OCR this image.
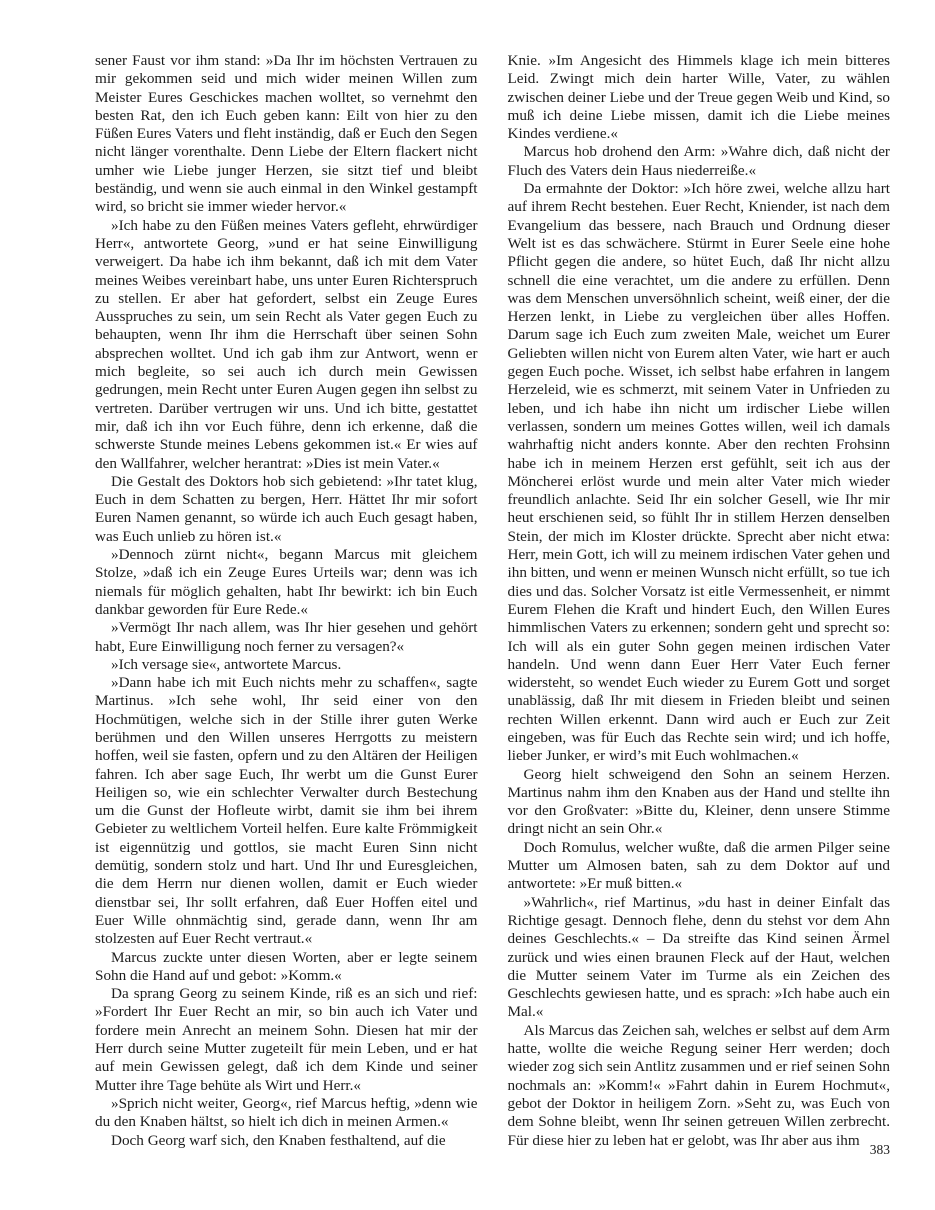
sener Faust vor ihm stand: »Da Ihr im höchsten Vertrauen zu mir gekommen seid und mich wider meinen Willen zum Meister Eures Geschickes machen wolltet, so vernehmt den besten Rat, den ich Euch geben kann: Eilt von hier zu den Füßen Eures Vaters und fleht inständig, daß er Euch den Segen nicht länger vorenthalte. Denn Liebe der Eltern flackert nicht umher wie Liebe junger Herzen, sie sitzt tief und bleibt beständig, und wenn sie auch einmal in den Winkel gestampft wird, so bricht sie immer wieder hervor.«

»Ich habe zu den Füßen meines Vaters gefleht, ehrwürdiger Herr«, antwortete Georg, »und er hat seine Einwilligung verweigert. Da habe ich ihm bekannt, daß ich mit dem Vater meines Weibes vereinbart habe, uns unter Euren Richterspruch zu stellen. Er aber hat gefordert, selbst ein Zeuge Eures Ausspruches zu sein, um sein Recht als Vater gegen Euch zu behaupten, wenn Ihr ihm die Herrschaft über seinen Sohn absprechen wolltet. Und ich gab ihm zur Antwort, wenn er mich begleite, so sei auch ich durch mein Gewissen gedrungen, mein Recht unter Euren Augen gegen ihn selbst zu vertreten. Darüber vertrugen wir uns. Und ich bitte, gestattet mir, daß ich ihn vor Euch führe, denn ich erkenne, daß die schwerste Stunde meines Lebens gekommen ist.« Er wies auf den Wallfahrer, welcher herantrat: »Dies ist mein Vater.«

Die Gestalt des Doktors hob sich gebietend: »Ihr tatet klug, Euch in dem Schatten zu bergen, Herr. Hättet Ihr mir sofort Euren Namen genannt, so würde ich auch Euch gesagt haben, was Euch unlieb zu hören ist.«

»Dennoch zürnt nicht«, begann Marcus mit gleichem Stolze, »daß ich ein Zeuge Eures Urteils war; denn was ich niemals für möglich gehalten, habt Ihr bewirkt: ich bin Euch dankbar geworden für Eure Rede.«

»Vermögt Ihr nach allem, was Ihr hier gesehen und gehört habt, Eure Einwilligung noch ferner zu versagen?«

»Ich versage sie«, antwortete Marcus.

»Dann habe ich mit Euch nichts mehr zu schaffen«, sagte Martinus. »Ich sehe wohl, Ihr seid einer von den Hochmütigen, welche sich in der Stille ihrer guten Werke berühmen und den Willen unseres Herrgotts zu meistern hoffen, weil sie fasten, opfern und zu den Altären der Heiligen fahren. Ich aber sage Euch, Ihr werbt um die Gunst Eurer Heiligen so, wie ein schlechter Verwalter durch Bestechung um die Gunst der Hofleute wirbt, damit sie ihm bei ihrem Gebieter zu weltlichem Vorteil helfen. Eure kalte Frömmigkeit ist eigennützig und gottlos, sie macht Euren Sinn nicht demütig, sondern stolz und hart. Und Ihr und Euresgleichen, die dem Herrn nur dienen wollen, damit er Euch wieder dienstbar sei, Ihr sollt erfahren, daß Euer Hoffen eitel und Euer Wille ohnmächtig sind, gerade dann, wenn Ihr am stolzesten auf Euer Recht vertraut.«

Marcus zuckte unter diesen Worten, aber er legte seinem Sohn die Hand auf und gebot: »Komm.«

Da sprang Georg zu seinem Kinde, riß es an sich und rief: »Fordert Ihr Euer Recht an mir, so bin auch ich Vater und fordere mein Anrecht an meinem Sohn. Diesen hat mir der Herr durch seine Mutter zugeteilt für mein Leben, und er hat auf mein Gewissen gelegt, daß ich dem Kinde und seiner Mutter ihre Tage behüte als Wirt und Herr.«

»Sprich nicht weiter, Georg«, rief Marcus heftig, »denn wie du den Knaben hältst, so hielt ich dich in meinen Armen.«

Doch Georg warf sich, den Knaben festhaltend, auf die

Knie. »Im Angesicht des Himmels klage ich mein bitteres Leid. Zwingt mich dein harter Wille, Vater, zu wählen zwischen deiner Liebe und der Treue gegen Weib und Kind, so muß ich deine Liebe missen, damit ich die Liebe meines Kindes verdiene.«

Marcus hob drohend den Arm: »Wahre dich, daß nicht der Fluch des Vaters dein Haus niederreiße.«

Da ermahnte der Doktor: »Ich höre zwei, welche allzu hart auf ihrem Recht bestehen. Euer Recht, Kniender, ist nach dem Evangelium das bessere, nach Brauch und Ordnung dieser Welt ist es das schwächere. Stürmt in Eurer Seele eine hohe Pflicht gegen die andere, so hütet Euch, daß Ihr nicht allzu schnell die eine verachtet, um die andere zu erfüllen. Denn was dem Menschen unversöhnlich scheint, weiß einer, der die Herzen lenkt, in Liebe zu vergleichen über alles Hoffen. Darum sage ich Euch zum zweiten Male, weichet um Eurer Geliebten willen nicht von Eurem alten Vater, wie hart er auch gegen Euch poche. Wisset, ich selbst habe erfahren in langem Herzeleid, wie es schmerzt, mit seinem Vater in Unfrieden zu leben, und ich habe ihn nicht um irdischer Liebe willen verlassen, sondern um meines Gottes willen, weil ich damals wahrhaftig nicht anders konnte. Aber den rechten Frohsinn habe ich in meinem Herzen erst gefühlt, seit ich aus der Möncherei erlöst wurde und mein alter Vater mich wieder freundlich anlachte. Seid Ihr ein solcher Gesell, wie Ihr mir heut erschienen seid, so fühlt Ihr in stillem Herzen denselben Stein, der mich im Kloster drückte. Sprecht aber nicht etwa: Herr, mein Gott, ich will zu meinem irdischen Vater gehen und ihn bitten, und wenn er meinen Wunsch nicht erfüllt, so tue ich dies und das. Solcher Vorsatz ist eitle Vermessenheit, er nimmt Eurem Flehen die Kraft und hindert Euch, den Willen Eures himmlischen Vaters zu erkennen; sondern geht und sprecht so: Ich will als ein guter Sohn gegen meinen irdischen Vater handeln. Und wenn dann Euer Herr Vater Euch ferner widersteht, so wendet Euch wieder zu Eurem Gott und sorget unablässig, daß Ihr mit diesem in Frieden bleibt und seinen rechten Willen erkennt. Dann wird auch er Euch zur Zeit eingeben, was für Euch das Rechte sein wird; und ich hoffe, lieber Junker, er wird’s mit Euch wohlmachen.«

Georg hielt schweigend den Sohn an seinem Herzen. Martinus nahm ihm den Knaben aus der Hand und stellte ihn vor den Großvater: »Bitte du, Kleiner, denn unsere Stimme dringt nicht an sein Ohr.«

Doch Romulus, welcher wußte, daß die armen Pilger seine Mutter um Almosen baten, sah zu dem Doktor auf und antwortete: »Er muß bitten.«

»Wahrlich«, rief Martinus, »du hast in deiner Einfalt das Richtige gesagt. Dennoch flehe, denn du stehst vor dem Ahn deines Geschlechts.« – Da streifte das Kind seinen Ärmel zurück und wies einen braunen Fleck auf der Haut, welchen die Mutter seinem Vater im Turme als ein Zeichen des Geschlechts gewiesen hatte, und es sprach: »Ich habe auch ein Mal.«

Als Marcus das Zeichen sah, welches er selbst auf dem Arm hatte, wollte die weiche Regung seiner Herr werden; doch wieder zog sich sein Antlitz zusammen und er rief seinen Sohn nochmals an: »Komm!« »Fahrt dahin in Eurem Hochmut«, gebot der Doktor in heiligem Zorn. »Seht zu, was Euch von dem Sohne bleibt, wenn Ihr seinen getreuen Willen zerbrecht. Für diese hier zu leben hat er gelobt, was Ihr aber aus ihm

383
